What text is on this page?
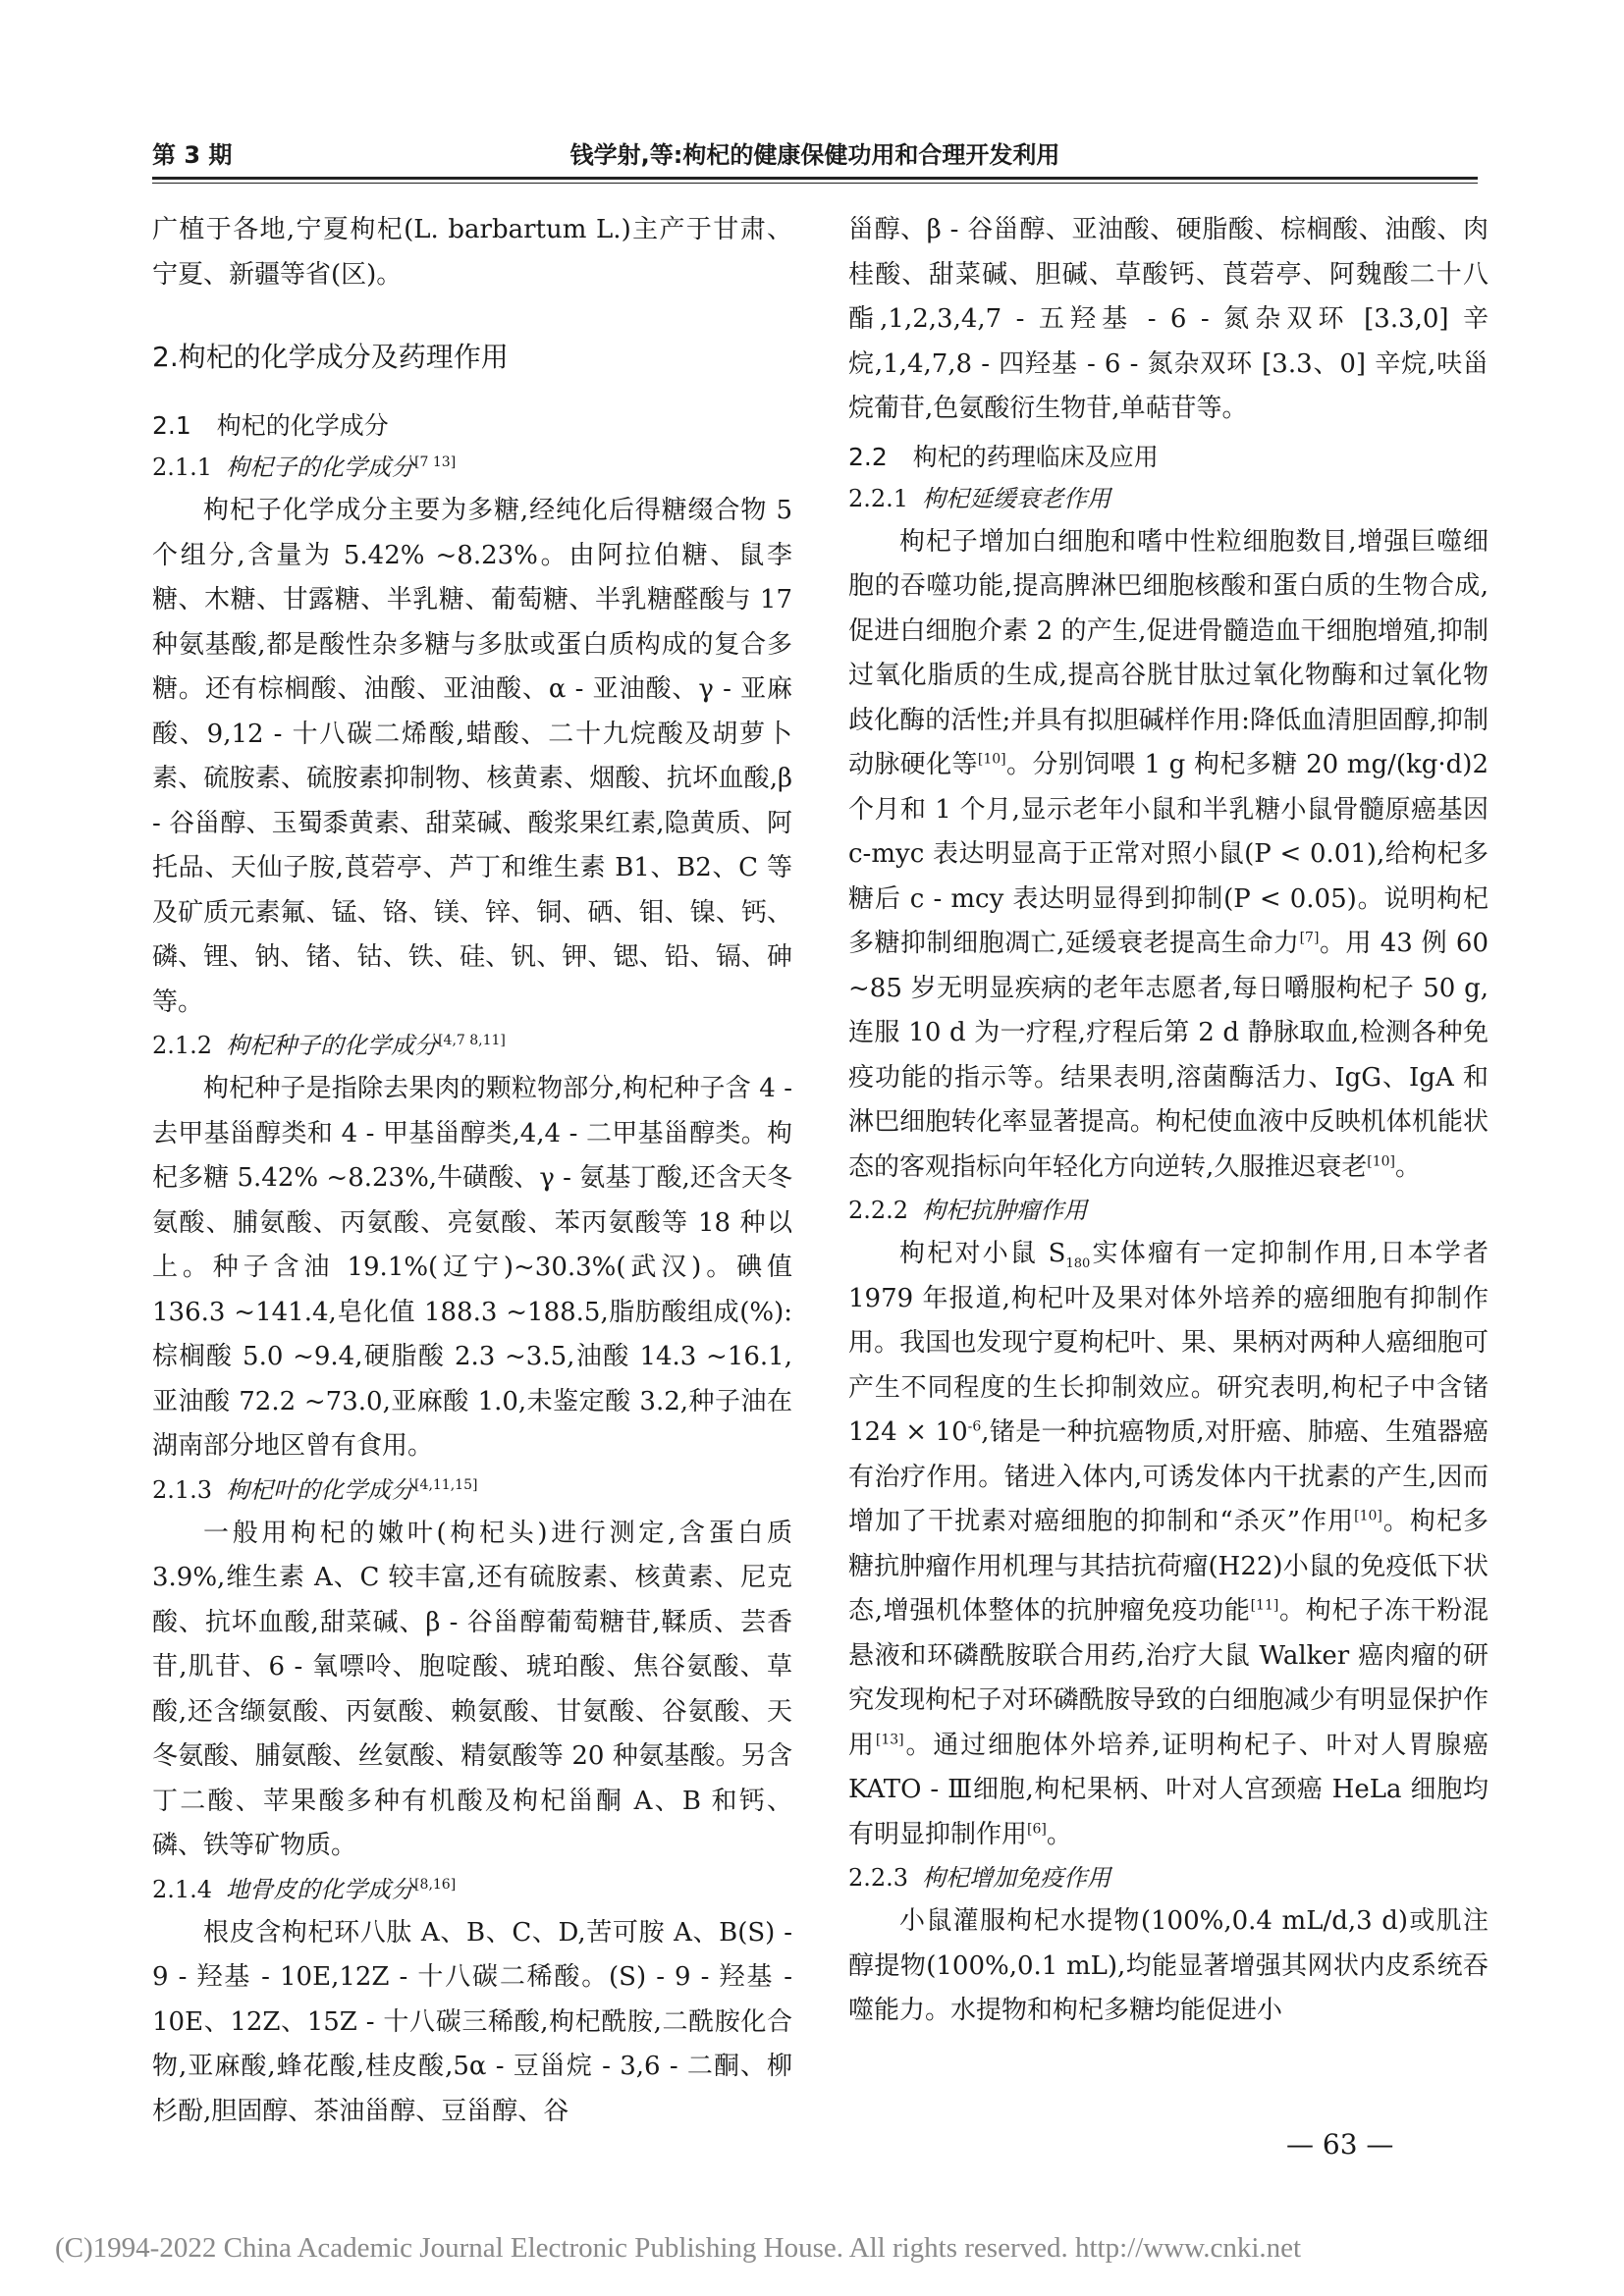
第 3 期	钱学射,等:枸杞的健康保健功用和合理开发利用

广植于各地,宁夏枸杞(L. barbartum L.)主产于甘肃、宁夏、新疆等省(区)。

2.枸杞的化学成分及药理作用
2.1 枸杞的化学成分
2.1.1 枸杞子的化学成分[7 13]

枸杞子化学成分主要为多糖,经纯化后得糖缀合物 5 个组分,含量为 5.42% ~8.23%。由阿拉伯糖、鼠李糖、木糖、甘露糖、半乳糖、葡萄糖、半乳糖醛酸与 17 种氨基酸,都是酸性杂多糖与多肽或蛋白质构成的复合多糖。还有棕榈酸、油酸、亚油酸、α - 亚油酸、γ - 亚麻酸、9,12 - 十八碳二烯酸,蜡酸、二十九烷酸及胡萝卜素、硫胺素、硫胺素抑制物、核黄素、烟酸、抗坏血酸,β - 谷甾醇、玉蜀黍黄素、甜菜碱、酸浆果红素,隐黄质、阿托品、天仙子胺,莨菪亭、芦丁和维生素 B1、B2、C 等及矿质元素氟、锰、铬、镁、锌、铜、硒、钼、镍、钙、磷、锂、钠、锗、钴、铁、硅、钒、钾、锶、铅、镉、砷等。

2.1.2 枸杞种子的化学成分[4,7 8,11]

枸杞种子是指除去果肉的颗粒物部分,枸杞种子含 4 - 去甲基甾醇类和 4 - 甲基甾醇类,4,4 - 二甲基甾醇类。枸杞多糖 5.42% ~8.23%,牛磺酸、γ - 氨基丁酸,还含天冬氨酸、脯氨酸、丙氨酸、亮氨酸、苯丙氨酸等 18 种以上。种子含油 19.1%(辽宁)~30.3%(武汉)。碘值 136.3 ~141.4,皂化值 188.3 ~188.5,脂肪酸组成(%):棕榈酸 5.0 ~9.4,硬脂酸 2.3 ~3.5,油酸 14.3 ~16.1,亚油酸 72.2 ~73.0,亚麻酸 1.0,未鉴定酸 3.2,种子油在湖南部分地区曾有食用。

2.1.3 枸杞叶的化学成分[4,11,15]

一般用枸杞的嫩叶(枸杞头)进行测定,含蛋白质 3.9%,维生素 A、C 较丰富,还有硫胺素、核黄素、尼克酸、抗坏血酸,甜菜碱、β - 谷甾醇葡萄糖苷,鞣质、芸香苷,肌苷、6 - 氧嘌呤、胞啶酸、琥珀酸、焦谷氨酸、草酸,还含缬氨酸、丙氨酸、赖氨酸、甘氨酸、谷氨酸、天冬氨酸、脯氨酸、丝氨酸、精氨酸等 20 种氨基酸。另含丁二酸、苹果酸多种有机酸及枸杞甾酮 A、B 和钙、磷、铁等矿物质。

2.1.4 地骨皮的化学成分[8,16]

根皮含枸杞环八肽 A、B、C、D,苦可胺 A、B(S) - 9 - 羟基 - 10E,12Z - 十八碳二稀酸。(S) - 9 - 羟基 - 10E、12Z、15Z - 十八碳三稀酸,枸杞酰胺,二酰胺化合物,亚麻酸,蜂花酸,桂皮酸,5α - 豆甾烷 - 3,6 - 二酮、柳杉酚,胆固醇、茶油甾醇、豆甾醇、谷

甾醇、β - 谷甾醇、亚油酸、硬脂酸、棕榈酸、油酸、肉桂酸、甜菜碱、胆碱、草酸钙、莨菪亭、阿魏酸二十八酯,1,2,3,4,7 - 五羟基 - 6 - 氮杂双环 [3.3,0] 辛烷,1,4,7,8 - 四羟基 - 6 - 氮杂双环 [3.3、0] 辛烷,呋甾烷葡苷,色氨酸衍生物苷,单萜苷等。

2.2 枸杞的药理临床及应用
2.2.1 枸杞延缓衰老作用

枸杞子增加白细胞和嗜中性粒细胞数目,增强巨噬细胞的吞噬功能,提高脾淋巴细胞核酸和蛋白质的生物合成,促进白细胞介素 2 的产生,促进骨髓造血干细胞增殖,抑制过氧化脂质的生成,提高谷胱甘肽过氧化物酶和过氧化物歧化酶的活性;并具有拟胆碱样作用:降低血清胆固醇,抑制动脉硬化等[10]。分别饲喂 1 g 枸杞多糖 20 mg/(kg·d)2 个月和 1 个月,显示老年小鼠和半乳糖小鼠骨髓原癌基因 c-myc 表达明显高于正常对照小鼠(P < 0.01),给枸杞多糖后 c - mcy 表达明显得到抑制(P < 0.05)。说明枸杞多糖抑制细胞凋亡,延缓衰老提高生命力[7]。用 43 例 60 ~85 岁无明显疾病的老年志愿者,每日嚼服枸杞子 50 g,连服 10 d 为一疗程,疗程后第 2 d 静脉取血,检测各种免疫功能的指示等。结果表明,溶菌酶活力、IgG、IgA 和淋巴细胞转化率显著提高。枸杞使血液中反映机体机能状态的客观指标向年轻化方向逆转,久服推迟衰老[10]。

2.2.2 枸杞抗肿瘤作用

枸杞对小鼠 $S_{180}$实体瘤有一定抑制作用,日本学者 1979 年报道,枸杞叶及果对体外培养的癌细胞有抑制作用。我国也发现宁夏枸杞叶、果、果柄对两种人癌细胞可产生不同程度的生长抑制效应。研究表明,枸杞子中含锗 $124 \times 10^{-6}$,锗是一种抗癌物质,对肝癌、肺癌、生殖器癌有治疗作用。锗进入体内,可诱发体内干扰素的产生,因而增加了干扰素对癌细胞的抑制和“杀灭”作用[10]。枸杞多糖抗肿瘤作用机理与其拮抗荷瘤(H22)小鼠的免疫低下状态,增强机体整体的抗肿瘤免疫功能[11]。枸杞子冻干粉混悬液和环磷酰胺联合用药,治疗大鼠 Walker 癌肉瘤的研究发现枸杞子对环磷酰胺导致的白细胞减少有明显保护作用[13]。通过细胞体外培养,证明枸杞子、叶对人胃腺癌 KATO - Ⅲ细胞,枸杞果柄、叶对人宫颈癌 HeLa 细胞均有明显抑制作用[6]。

2.2.3 枸杞增加免疫作用

小鼠灌服枸杞水提物(100%,0.4 mL/d,3 d)或肌注醇提物(100%,0.1 mL),均能显著增强其网状内皮系统吞噬能力。水提物和枸杞多糖均能促进小

— 63 —
(C)1994-2022 China Academic Journal Electronic Publishing House. All rights reserved. http://www.cnki.net
